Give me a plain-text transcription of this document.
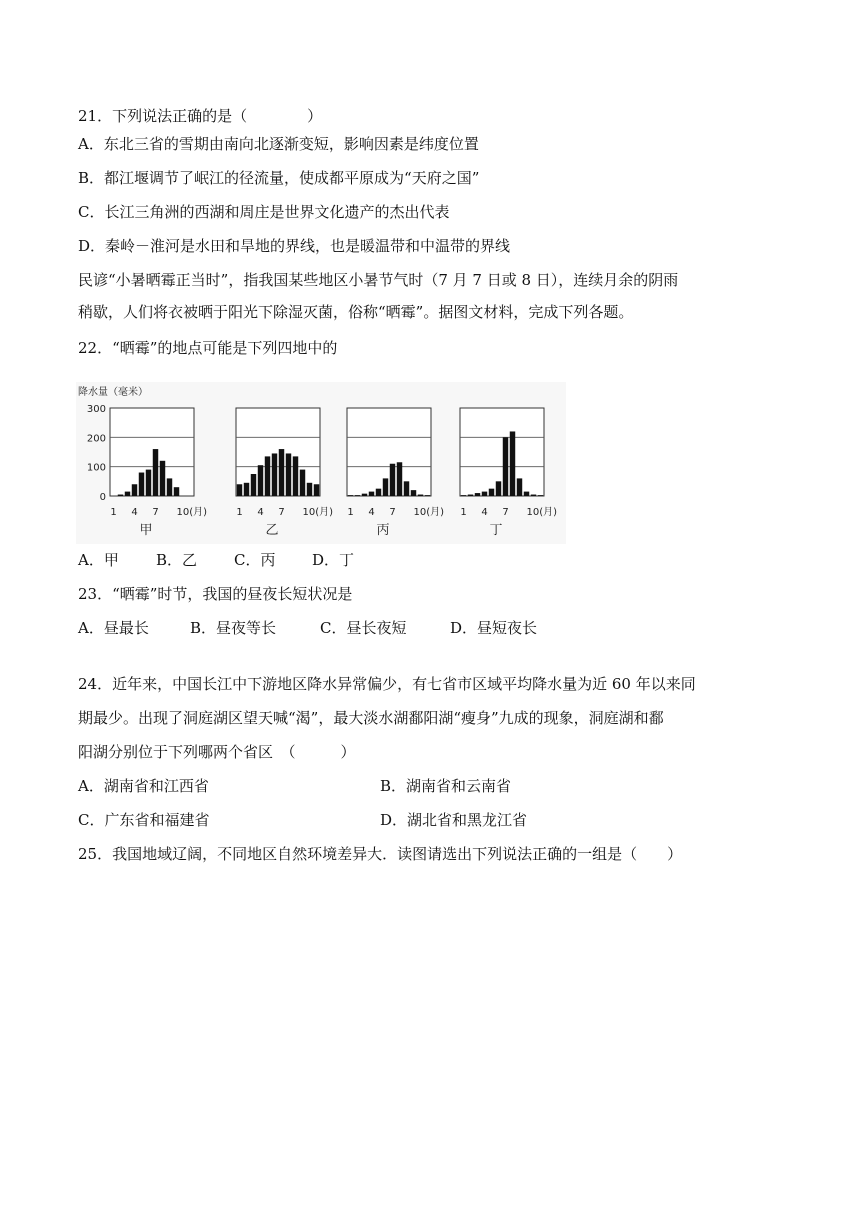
21．下列说法正确的是（　　　　）
A．东北三省的雪期由南向北逐渐变短，影响因素是纬度位置
B．都江堰调节了岷江的径流量，使成都平原成为“天府之国”
C．长江三角洲的西湖和周庄是世界文化遗产的杰出代表
D．秦岭－淮河是水田和旱地的界线，也是暖温带和中温带的界线
民谚“小暑晒霉正当时”，指我国某些地区小暑节气时（7 月 7 日或 8 日），连续月余的阴雨
稍歇，人们将衣被晒于阳光下除湿灭菌，俗称“晒霉”。据图文材料，完成下列各题。
22．“晒霉”的地点可能是下列四地中的
降水量（毫米）
300
200
100
0
1 4 7 10(月)
甲
1 4 7 10(月)
乙
1 4 7 10(月)
丙
1 4 7 10(月)
丁
A．甲 B．乙 C．丙 D．丁
23．“晒霉”时节，我国的昼夜长短状况是
A．昼最长	B．昼夜等长	C．昼长夜短	D．昼短夜长
24．近年来，中国长江中下游地区降水异常偏少，有七省市区域平均降水量为近 60 年以来同
期最少。出现了洞庭湖区望天喊“渴”，最大淡水湖鄱阳湖“瘦身”九成的现象，洞庭湖和鄱
阳湖分别位于下列哪两个省区　（　　　）
A．湖南省和江西省	B．湖南省和云南省
C．广东省和福建省	D．湖北省和黑龙江省
25．我国地域辽阔，不同地区自然环境差异大．读图请选出下列说法正确的一组是（　　）
